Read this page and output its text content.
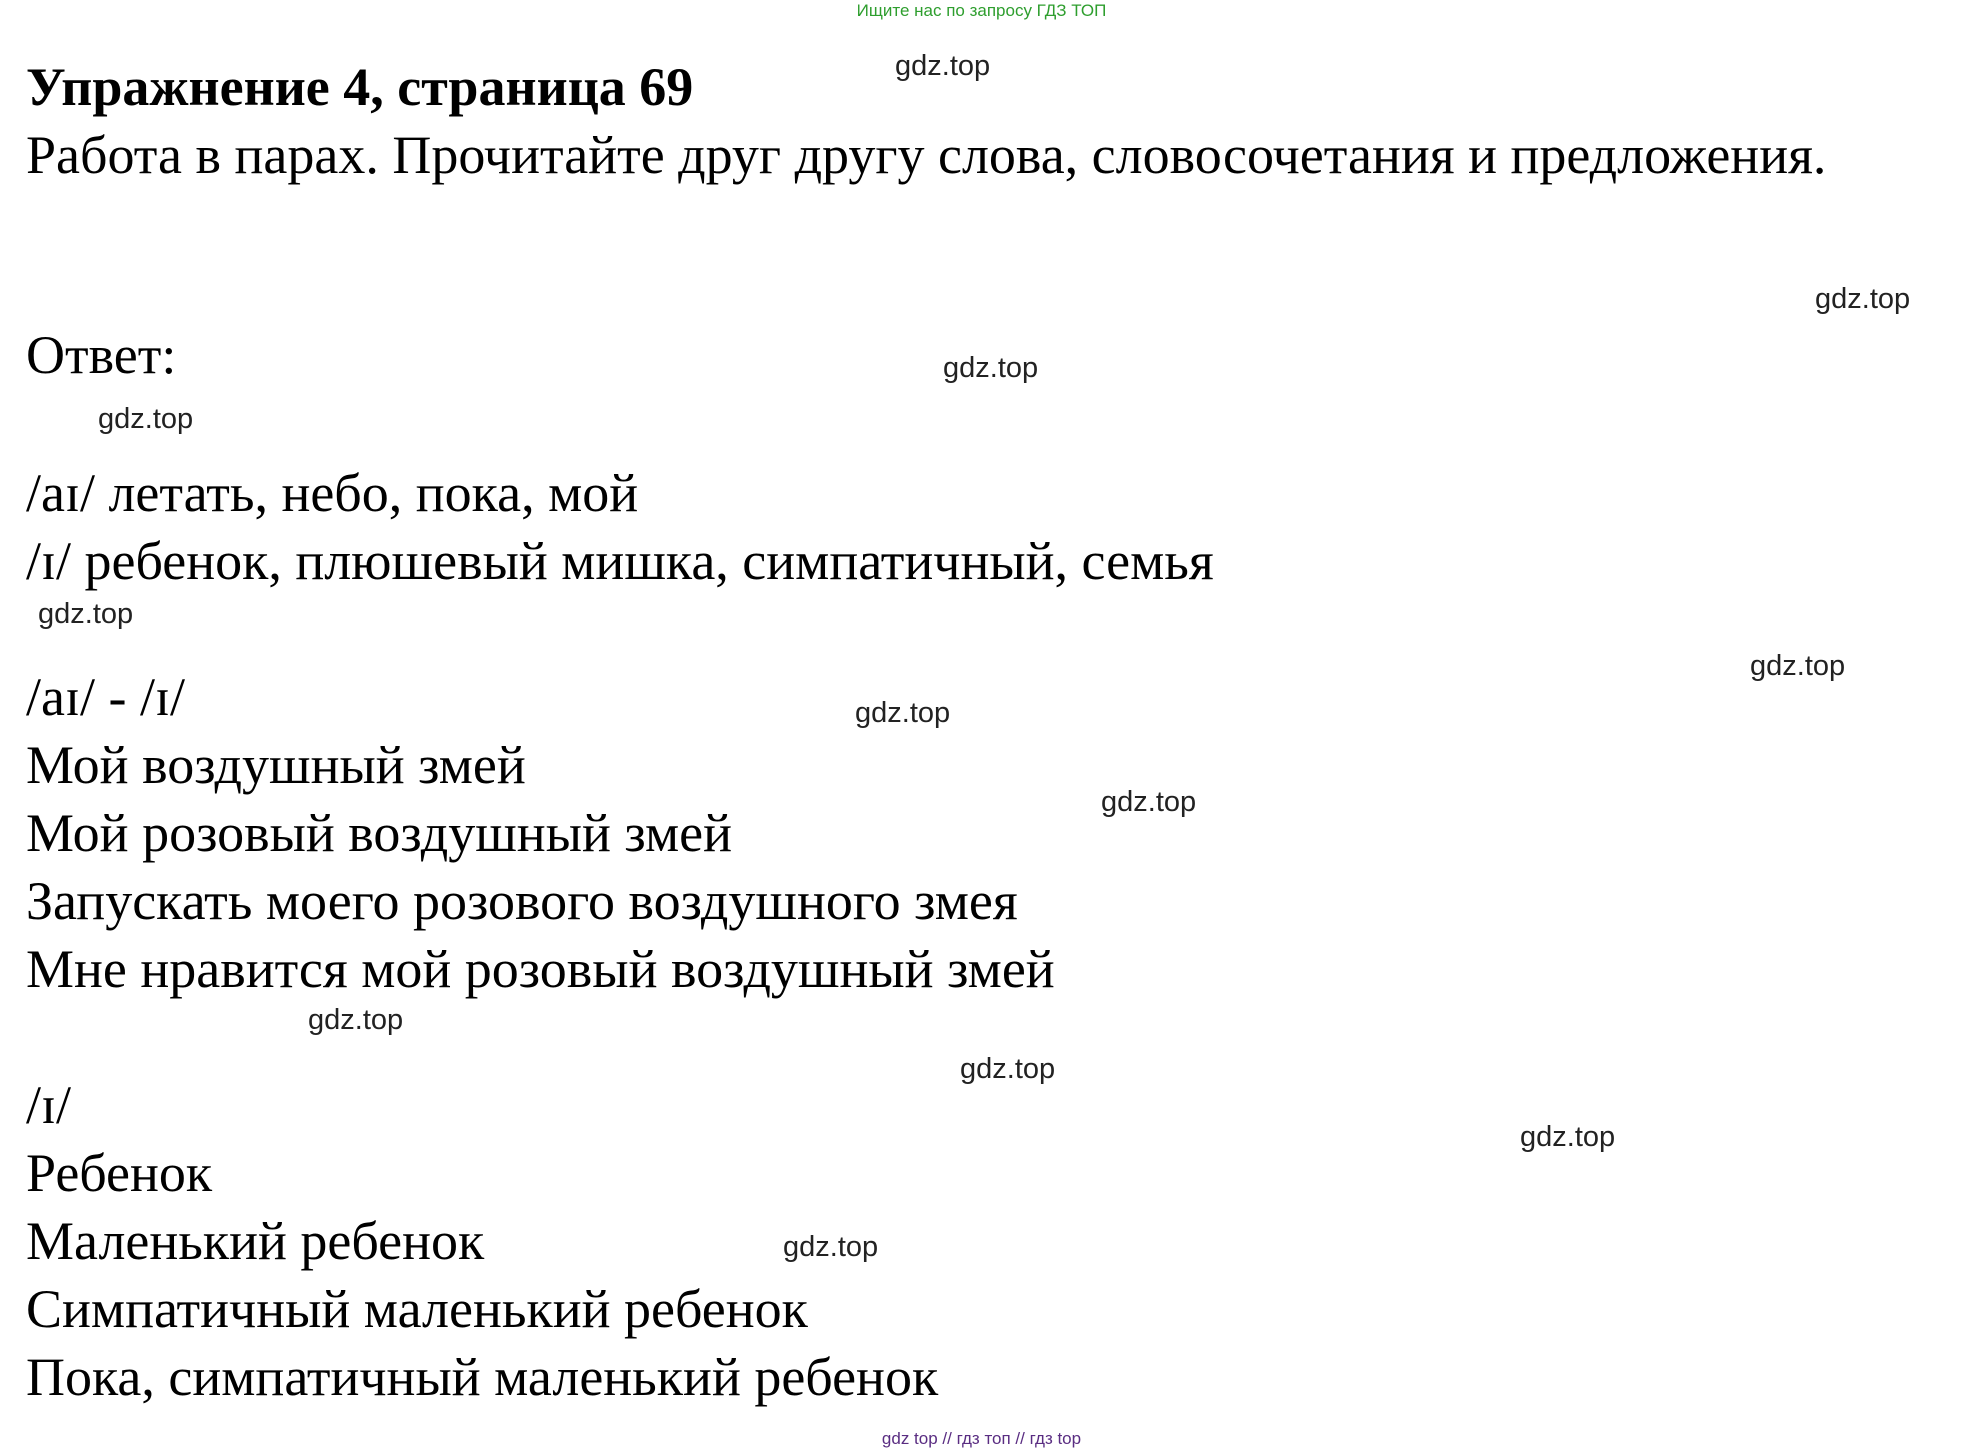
Ищите нас по запросу ГДЗ ТОП
Упражнение 4, страница 69

Работа в парах. Прочитайте друг другу слова, словосочетания и предложения.

Ответ:

/aɪ/ летать, небо, пока, мой
/ɪ/ ребенок, плюшевый мишка, симпатичный, семья
/aɪ/ - /ɪ/
Мой воздушный змей
Мой розовый воздушный змей
Запускать моего розового воздушного змея
Мне нравится мой розовый воздушный змей
/ɪ/
Ребенок
Маленький ребенок
Симпатичный маленький ребенок
Пока, симпатичный маленький ребенок
gdz.top
gdz.top
gdz.top
gdz.top
gdz.top
gdz.top
gdz.top
gdz.top
gdz.top
gdz.top
gdz.top
gdz.top
gdz top // гдз топ // гдз top
